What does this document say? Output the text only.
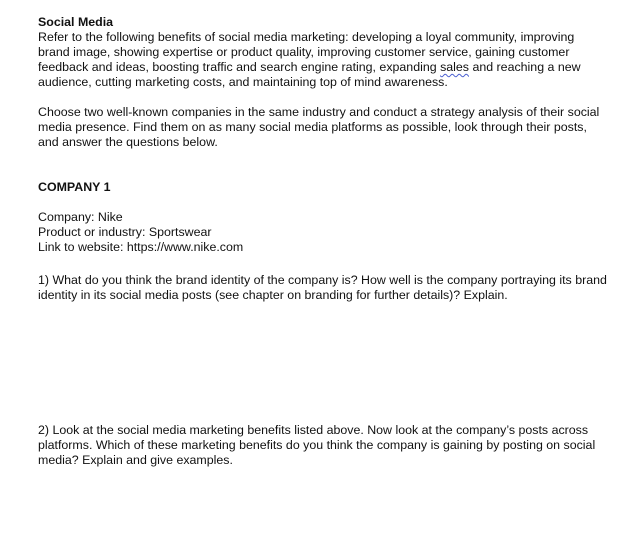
Social Media

Refer to the following benefits of social media marketing: developing a loyal community, improving brand image, showing expertise or product quality, improving customer service, gaining customer feedback and ideas, boosting traffic and search engine rating, expanding sales and reaching a new audience, cutting marketing costs, and maintaining top of mind awareness.

Choose two well-known companies in the same industry and conduct a strategy analysis of their social media presence. Find them on as many social media platforms as possible, look through their posts, and answer the questions below.

COMPANY 1

Company: Nike

Product or industry: Sportswear

Link to website: https://www.nike.com

1) What do you think the brand identity of the company is? How well is the company portraying its brand identity in its social media posts (see chapter on branding for further details)? Explain.

2) Look at the social media marketing benefits listed above. Now look at the company’s posts across platforms. Which of these marketing benefits do you think the company is gaining by posting on social media? Explain and give examples.
